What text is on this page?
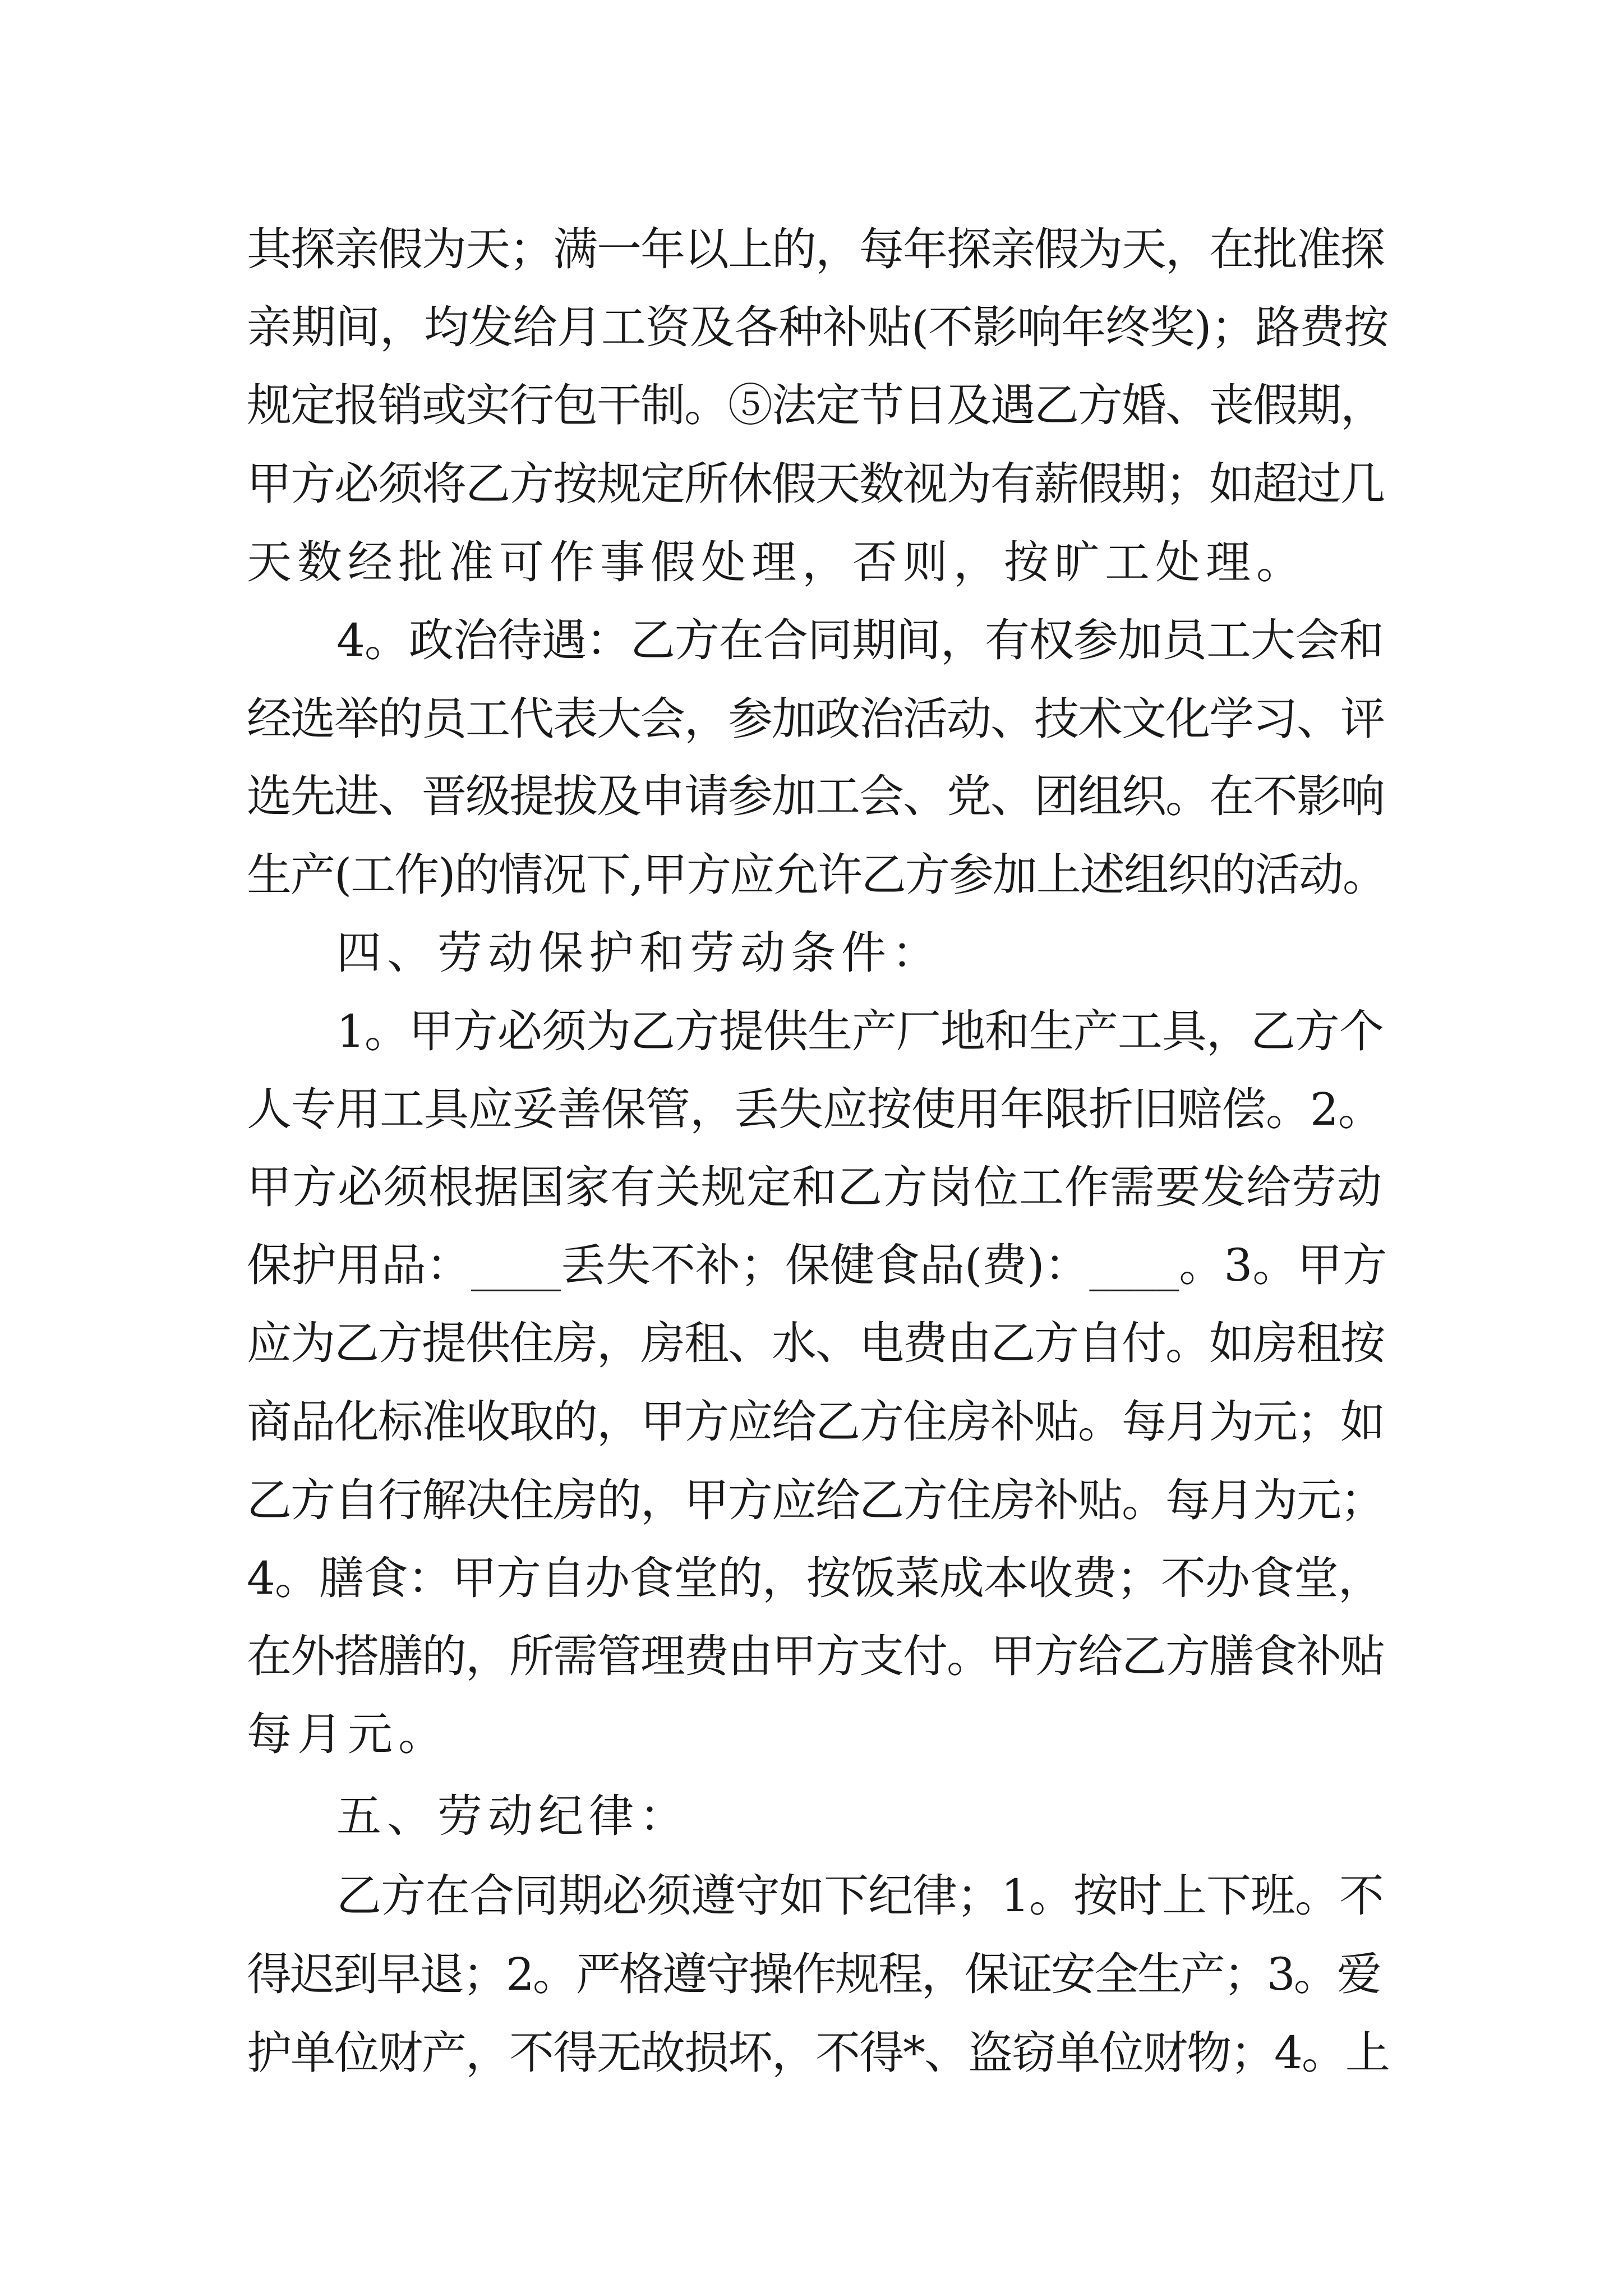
其探亲假为天；满一年以上的，每年探亲假为天，在批准探

亲期间，均发给月工资及各种补贴(不影响年终奖)；路费按

规定报销或实行包干制。⑤法定节日及遇乙方婚、丧假期，

甲方必须将乙方按规定所休假天数视为有薪假期；如超过几

天数经批准可作事假处理，否则，按旷工处理。

4。政治待遇：乙方在合同期间，有权参加员工大会和

经选举的员工代表大会，参加政治活动、技术文化学习、评

选先进、晋级提拔及申请参加工会、党、团组织。在不影响

生产(工作)的情况下,甲方应允许乙方参加上述组织的活动。

四、劳动保护和劳动条件：

1。甲方必须为乙方提供生产厂地和生产工具，乙方个

人专用工具应妥善保管，丢失应按使用年限折旧赔偿。2。

甲方必须根据国家有关规定和乙方岗位工作需要发给劳动

保护用品：____丢失不补；保健食品(费)：____。3。甲方

应为乙方提供住房，房租、水、电费由乙方自付。如房租按

商品化标准收取的，甲方应给乙方住房补贴。每月为元；如

乙方自行解决住房的，甲方应给乙方住房补贴。每月为元；

4。膳食：甲方自办食堂的，按饭菜成本收费；不办食堂，

在外搭膳的，所需管理费由甲方支付。甲方给乙方膳食补贴

每月元。

五、劳动纪律：

乙方在合同期必须遵守如下纪律；1。按时上下班。不

得迟到早退；2。严格遵守操作规程，保证安全生产；3。爱

护单位财产，不得无故损坏，不得*、盗窃单位财物；4。上
